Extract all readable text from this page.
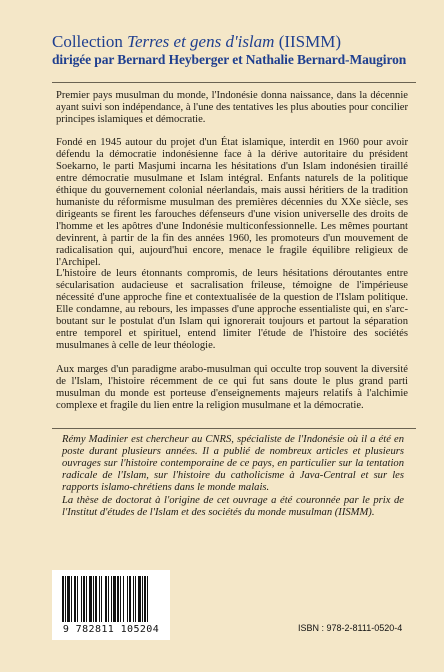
Collection Terres et gens d'islam (IISMM)
dirigée par Bernard Heyberger et Nathalie Bernard-Maugiron

Premier pays musulman du monde, l'Indonésie donna naissance, dans la décennie ayant suivi son indépendance, à l'une des tentatives les plus abouties pour concilier principes islamiques et démocratie.

Fondé en 1945 autour du projet d'un État islamique, interdit en 1960 pour avoir défendu la démocratie indonésienne face à la dérive autoritaire du président Soekarno, le parti Masjumi incarna les hésitations d'un Islam indonésien tiraillé entre démocratie musulmane et Islam intégral. Enfants naturels de la politique éthique du gouvernement colonial néerlandais, mais aussi héritiers de la tradition humaniste du réformisme musulman des premières décennies du XXe siècle, ses dirigeants se firent les farouches défenseurs d'une vision universelle des droits de l'homme et les apôtres d'une Indonésie multiconfessionnelle. Les mêmes pourtant devinrent, à partir de la fin des années 1960, les promoteurs d'un mouvement de radicalisation qui, aujourd'hui encore, menace le fragile équilibre religieux de l'Archipel.

L'histoire de leurs étonnants compromis, de leurs hésitations déroutantes entre sécularisation audacieuse et sacralisation frileuse, témoigne de l'impérieuse nécessité d'une approche fine et contextualisée de la question de l'Islam politique. Elle condamne, au rebours, les impasses d'une approche essentialiste qui, en s'arc-boutant sur le postulat d'un Islam qui ignorerait toujours et partout la séparation entre temporel et spirituel, entend limiter l'étude de l'histoire des sociétés musulmanes à celle de leur théologie.

Aux marges d'un paradigme arabo-musulman qui occulte trop souvent la diversité de l'Islam, l'histoire récemment de ce qui fut sans doute le plus grand parti musulman du monde est porteuse d'enseignements majeurs relatifs à l'alchimie complexe et fragile du lien entre la religion musulmane et la démocratie.

Rémy Madinier est chercheur au CNRS, spécialiste de l'Indonésie où il a été en poste durant plusieurs années. Il a publié de nombreux articles et plusieurs ouvrages sur l'histoire contemporaine de ce pays, en particulier sur la tentation radicale de l'Islam, sur l'histoire du catholicisme à Java-Central et sur les rapports islamo-chrétiens dans le monde malais.

La thèse de doctorat à l'origine de cet ouvrage a été couronnée par le prix de l'Institut d'études de l'Islam et des sociétés du monde musulman (IISMM).

9 782811 105204	ISBN : 978-2-8111-0520-4
